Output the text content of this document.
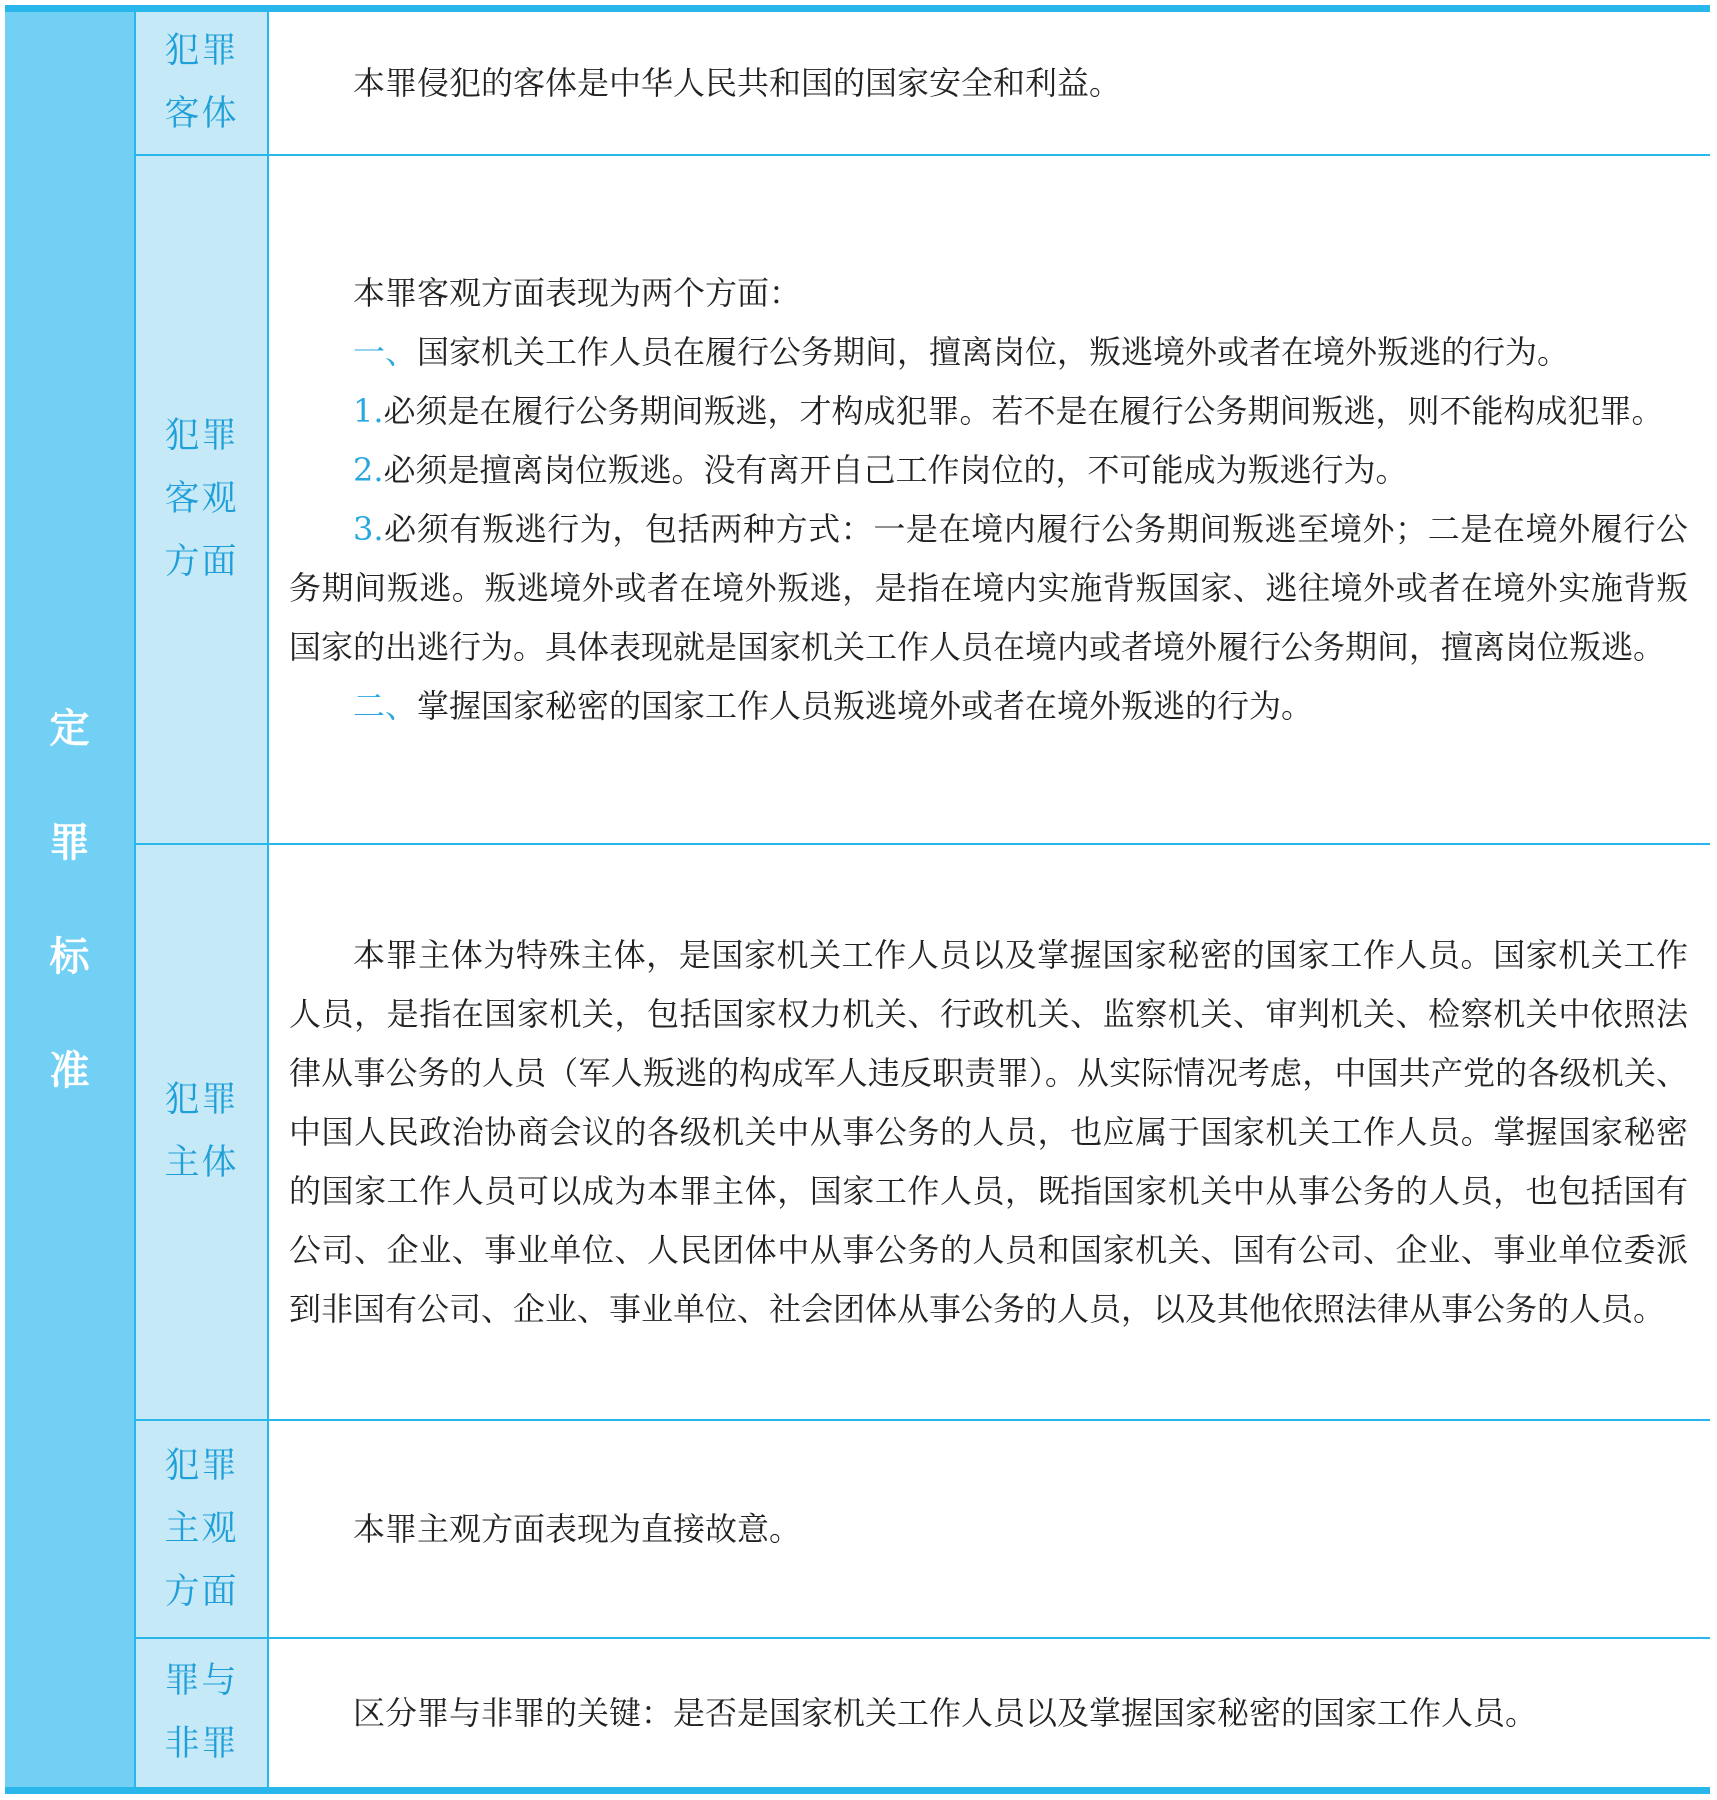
定
罪
标
准
犯罪
客体

本罪侵犯的客体是中华人民共和国的国家安全和利益。

犯罪
客观
方面

本罪客观方面表现为两个方面：

一、国家机关工作人员在履行公务期间，擅离岗位，叛逃境外或者在境外叛逃的行为。

1.必须是在履行公务期间叛逃，才构成犯罪。若不是在履行公务期间叛逃，则不能构成犯罪。

2.必须是擅离岗位叛逃。没有离开自己工作岗位的，不可能成为叛逃行为。

3.必须有叛逃行为，包括两种方式：一是在境内履行公务期间叛逃至境外；二是在境外履行公务期间叛逃。叛逃境外或者在境外叛逃，是指在境内实施背叛国家、逃往境外或者在境外实施背叛国家的出逃行为。具体表现就是国家机关工作人员在境内或者境外履行公务期间，擅离岗位叛逃。

二、掌握国家秘密的国家工作人员叛逃境外或者在境外叛逃的行为。

犯罪
主体

本罪主体为特殊主体，是国家机关工作人员以及掌握国家秘密的国家工作人员。国家机关工作人员，是指在国家机关，包括国家权力机关、行政机关、监察机关、审判机关、检察机关中依照法律从事公务的人员（军人叛逃的构成军人违反职责罪）。从实际情况考虑，中国共产党的各级机关、中国人民政治协商会议的各级机关中从事公务的人员，也应属于国家机关工作人员。掌握国家秘密的国家工作人员可以成为本罪主体，国家工作人员，既指国家机关中从事公务的人员，也包括国有公司、企业、事业单位、人民团体中从事公务的人员和国家机关、国有公司、企业、事业单位委派到非国有公司、企业、事业单位、社会团体从事公务的人员，以及其他依照法律从事公务的人员。

犯罪
主观
方面

本罪主观方面表现为直接故意。

罪与
非罪

区分罪与非罪的关键：是否是国家机关工作人员以及掌握国家秘密的国家工作人员。
